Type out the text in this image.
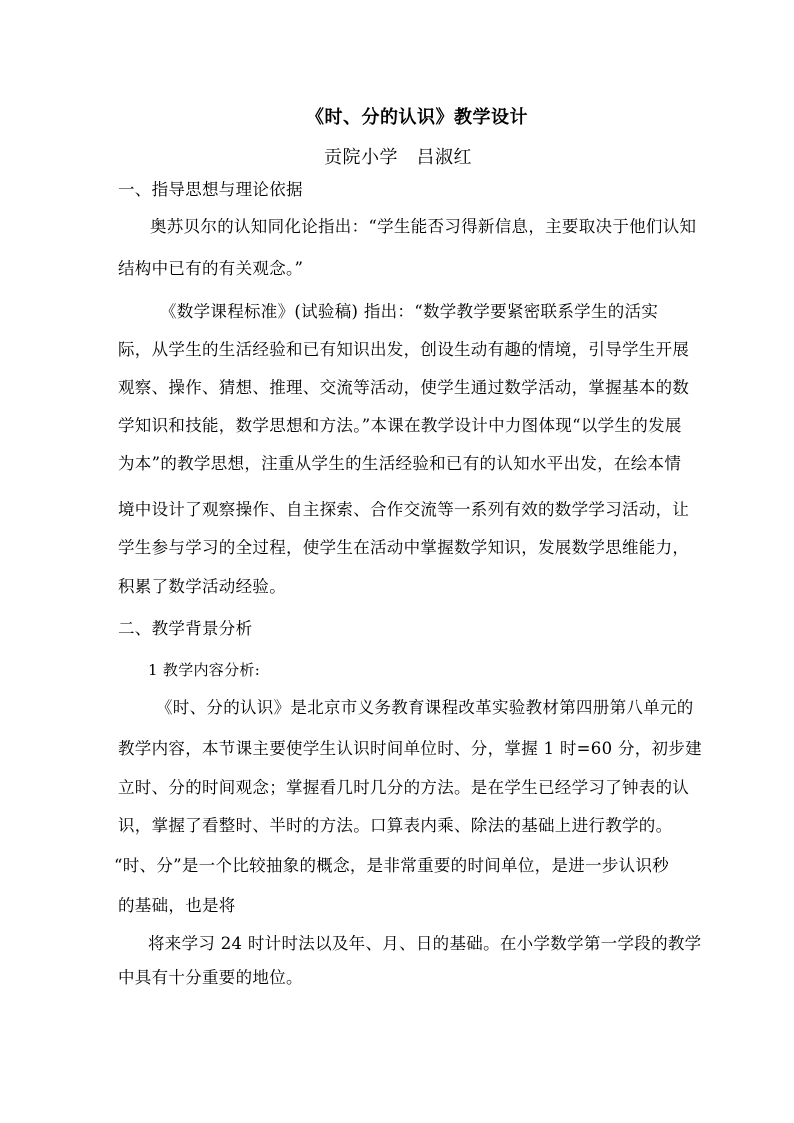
《时、分的认识》教学设计
贡院小学　吕淑红
一、指导思想与理论依据
奥苏贝尔的认知同化论指出：“学生能否习得新信息，主要取决于他们认知
结构中已有的有关观念。”
《数学课程标准》(试验稿) 指出：“数学教学要紧密联系学生的活实
际，从学生的生活经验和已有知识出发，创设生动有趣的情境，引导学生开展
观察、操作、猜想、推理、交流等活动，使学生通过数学活动，掌握基本的数
学知识和技能，数学思想和方法。”本课在教学设计中力图体现“以学生的发展
为本”的教学思想，注重从学生的生活经验和已有的认知水平出发，在绘本情
境中设计了观察操作、自主探索、合作交流等一系列有效的数学学习活动，让
学生参与学习的全过程，使学生在活动中掌握数学知识，发展数学思维能力，
积累了数学活动经验。
二、教学背景分析
1 教学内容分析:
《时、分的认识》是北京市义务教育课程改革实验教材第四册第八单元的
教学内容，本节课主要使学生认识时间单位时、分，掌握 1 时=60 分，初步建
立时、分的时间观念；掌握看几时几分的方法。是在学生已经学习了钟表的认
识，掌握了看整时、半时的方法。口算表内乘、除法的基础上进行教学的。
“时、分”是一个比较抽象的概念，是非常重要的时间单位，是进一步认识秒
的基础，也是将
将来学习 24 时计时法以及年、月、日的基础。在小学数学第一学段的教学
中具有十分重要的地位。
